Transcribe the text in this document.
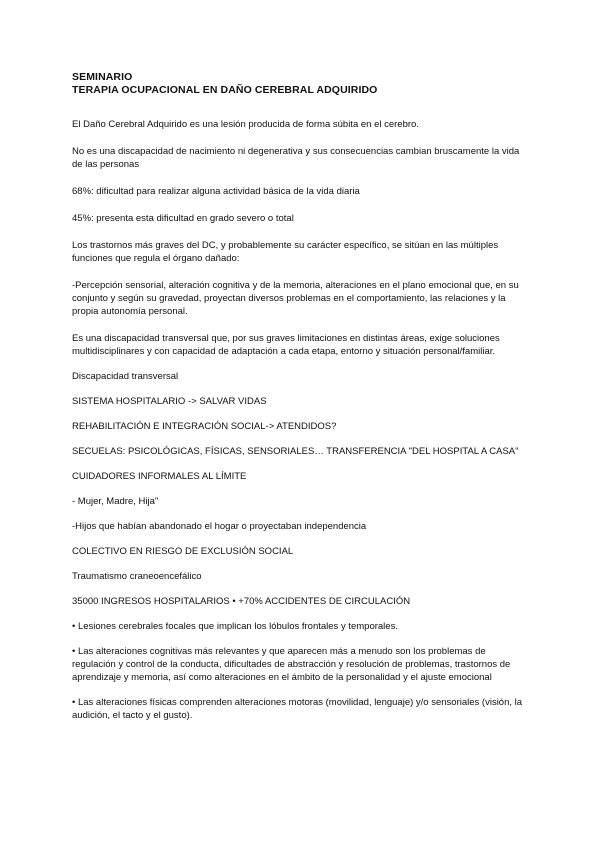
SEMINARIO
TERAPIA OCUPACIONAL EN DAÑO CEREBRAL ADQUIRIDO

El Daño Cerebral Adquirido es una lesión producida de forma súbita en el cerebro.

No es una discapacidad de nacimiento ni degenerativa y sus consecuencias cambian bruscamente la vida de las personas

68%: dificultad para realizar alguna actividad básica de la vida diaria

45%: presenta esta dificultad en grado severo o total

Los trastornos más graves del DC, y probablemente su carácter específico, se sitúan en las múltiples funciones que regula el órgano dañado:

-Percepción sensorial, alteración cognitiva y de la memoria, alteraciones en el plano emocional que, en su conjunto y según su gravedad, proyectan diversos problemas en el comportamiento, las relaciones y la propia autonomía personal.

Es una discapacidad transversal que, por sus graves limitaciones en distintas áreas, exige soluciones multidisciplinares y con capacidad de adaptación a cada etapa, entorno y situación personal/familiar.

Discapacidad transversal

SISTEMA HOSPITALARIO -> SALVAR VIDAS

REHABILITACIÓN E INTEGRACIÓN SOCIAL-> ATENDIDOS?

SECUELAS: PSICOLÓGICAS, FÍSICAS, SENSORIALES… TRANSFERENCIA "DEL HOSPITAL A CASA"

CUIDADORES INFORMALES AL LÍMITE

- Mujer, Madre, Hija"

-Hijos que habían abandonado el hogar o proyectaban independencia

COLECTIVO EN RIESGO DE EXCLUSIÓN SOCIAL

Traumatismo craneoencefálico

35000 INGRESOS HOSPITALARIOS • +70% ACCIDENTES DE CIRCULACIÓN

• Lesiones cerebrales focales que implican los lóbulos frontales y temporales.

• Las alteraciones cognitivas más relevantes y que aparecen más a menudo son los problemas de regulación y control de la conducta, dificultades de abstracción y resolución de problemas, trastornos de aprendizaje y memoria, así como alteraciones en el ámbito de la personalidad y el ajuste emocional

• Las alteraciones físicas comprenden alteraciones motoras (movilidad, lenguaje) y/o sensoriales (visión, la audición, el tacto y el gusto).
